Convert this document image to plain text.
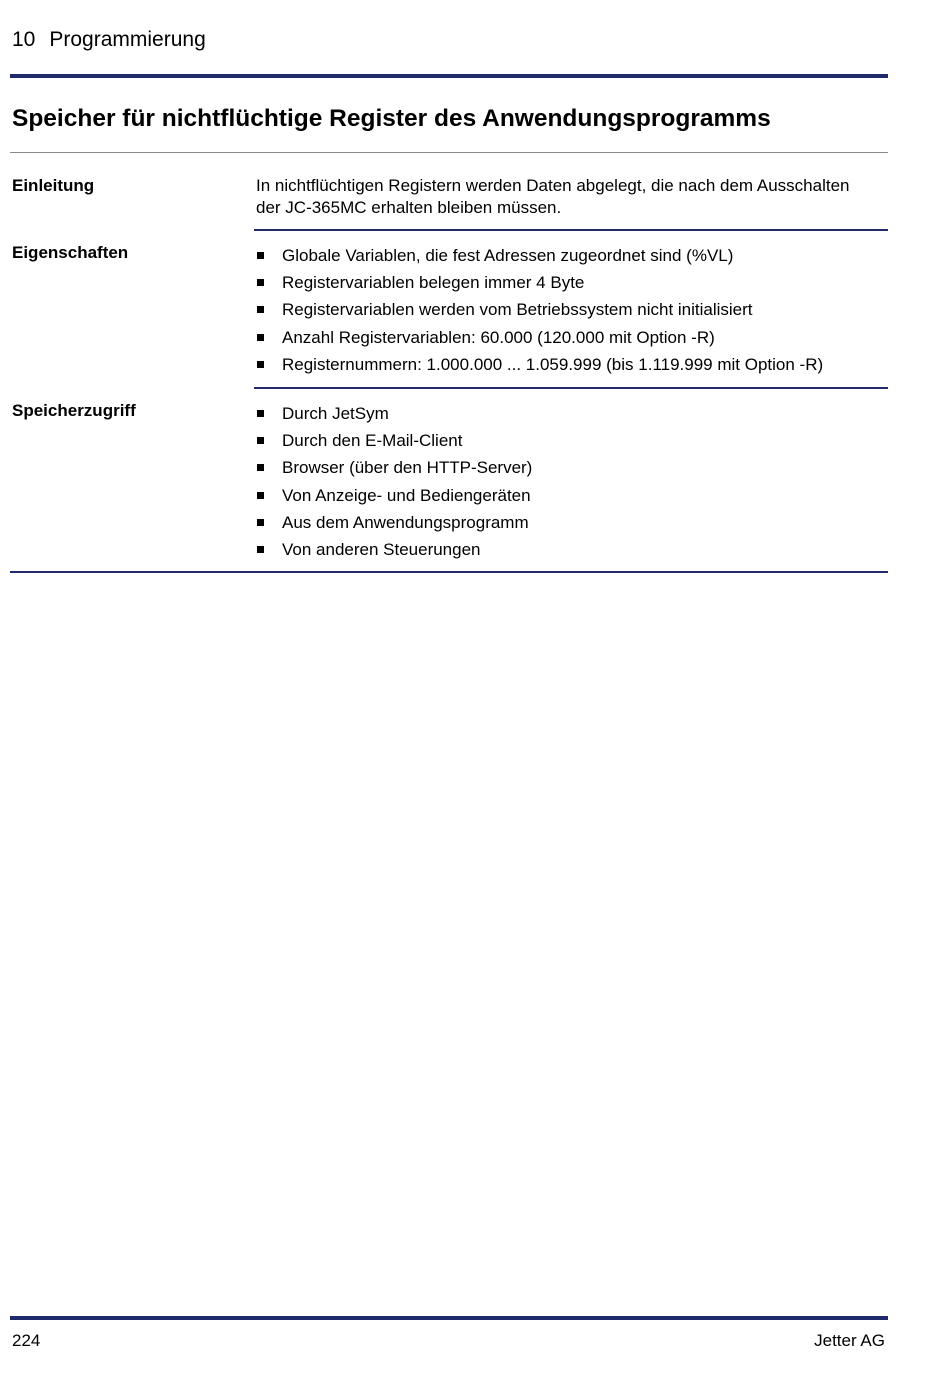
10 Programmierung
Speicher für nichtflüchtige Register des Anwendungsprogramms
Einleitung	In nichtflüchtigen Registern werden Daten abgelegt, die nach dem Ausschalten der JC-365MC erhalten bleiben müssen.
Eigenschaften	Globale Variablen, die fest Adressen zugeordnet sind (%VL)
Registervariablen belegen immer 4 Byte
Registervariablen werden vom Betriebssystem nicht initialisiert
Anzahl Registervariablen: 60.000 (120.000 mit Option -R)
Registernummern: 1.000.000 ... 1.059.999 (bis 1.119.999 mit Option -R)
Speicherzugriff	Durch JetSym
Durch den E-Mail-Client
Browser (über den HTTP-Server)
Von Anzeige- und Bediengeräten
Aus dem Anwendungsprogramm
Von anderen Steuerungen
224	Jetter AG
